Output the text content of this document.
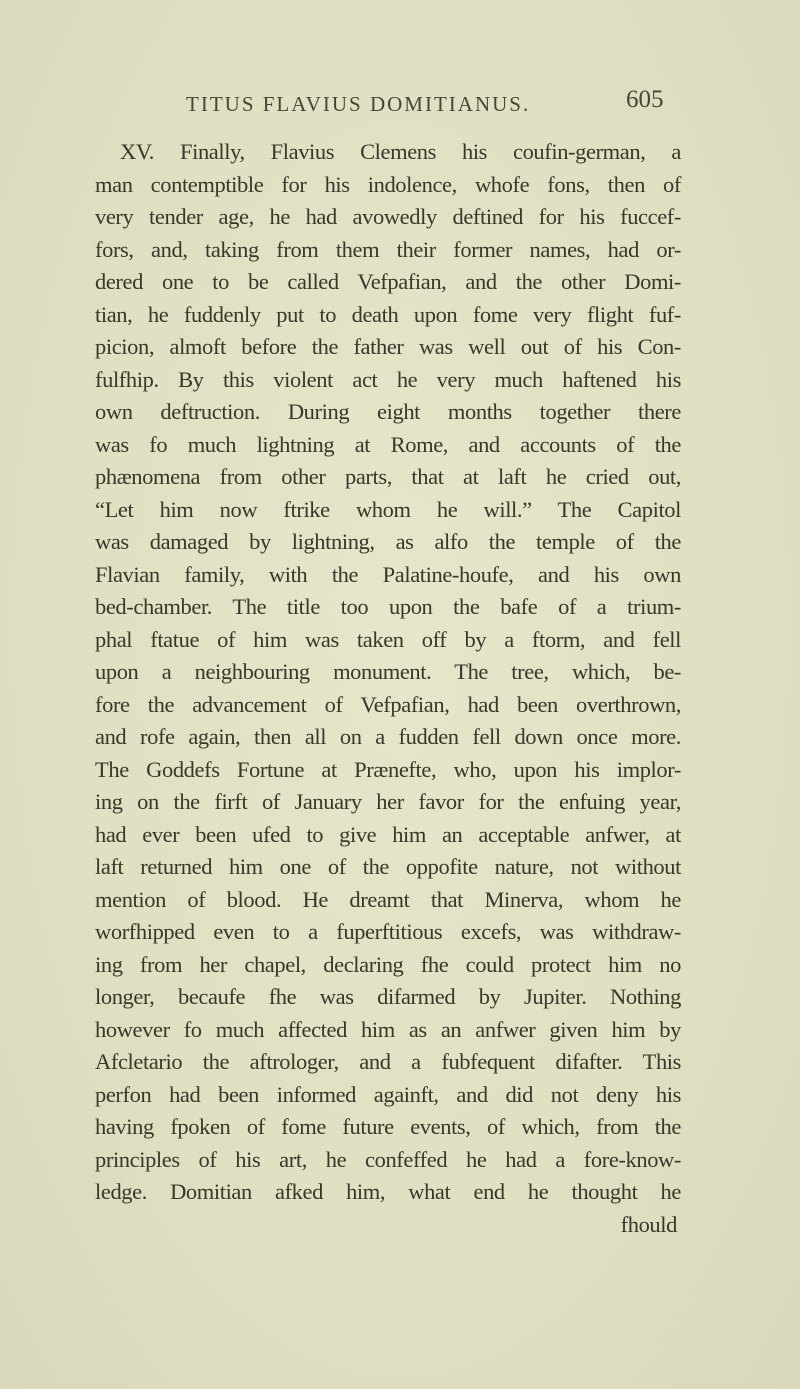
TITUS FLAVIUS DOMITIANUS.	605
XV. Finally, Flavius Clemens his coufin-german, a
man contemptible for his indolence, whofe fons, then of
very tender age, he had avowedly deftined for his fuccef-
fors, and, taking from them their former names, had or-
dered one to be called Vefpafian, and the other Domi-
tian, he fuddenly put to death upon fome very flight fuf-
picion, almoft before the father was well out of his Con-
fulfhip. By this violent act he very much haftened his
own deftruction. During eight months together there
was fo much lightning at Rome, and accounts of the
phænomena from other parts, that at laft he cried out,
“Let him now ftrike whom he will.” The Capitol
was damaged by lightning, as alfo the temple of the
Flavian family, with the Palatine-houfe, and his own
bed-chamber. The title too upon the bafe of a trium-
phal ftatue of him was taken off by a ftorm, and fell
upon a neighbouring monument. The tree, which, be-
fore the advancement of Vefpafian, had been overthrown,
and rofe again, then all on a fudden fell down once more.
The Goddefs Fortune at Prænefte, who, upon his implor-
ing on the firft of January her favor for the enfuing year,
had ever been ufed to give him an acceptable anfwer, at
laft returned him one of the oppofite nature, not without
mention of blood. He dreamt that Minerva, whom he
worfhipped even to a fuperftitious excefs, was withdraw-
ing from her chapel, declaring fhe could protect him no
longer, becaufe fhe was difarmed by Jupiter. Nothing
however fo much affected him as an anfwer given him by
Afcletario the aftrologer, and a fubfequent difafter. This
perfon had been informed againft, and did not deny his
having fpoken of fome future events, of which, from the
principles of his art, he confeffed he had a fore-know-
ledge. Domitian afked him, what end he thought he
fhould
